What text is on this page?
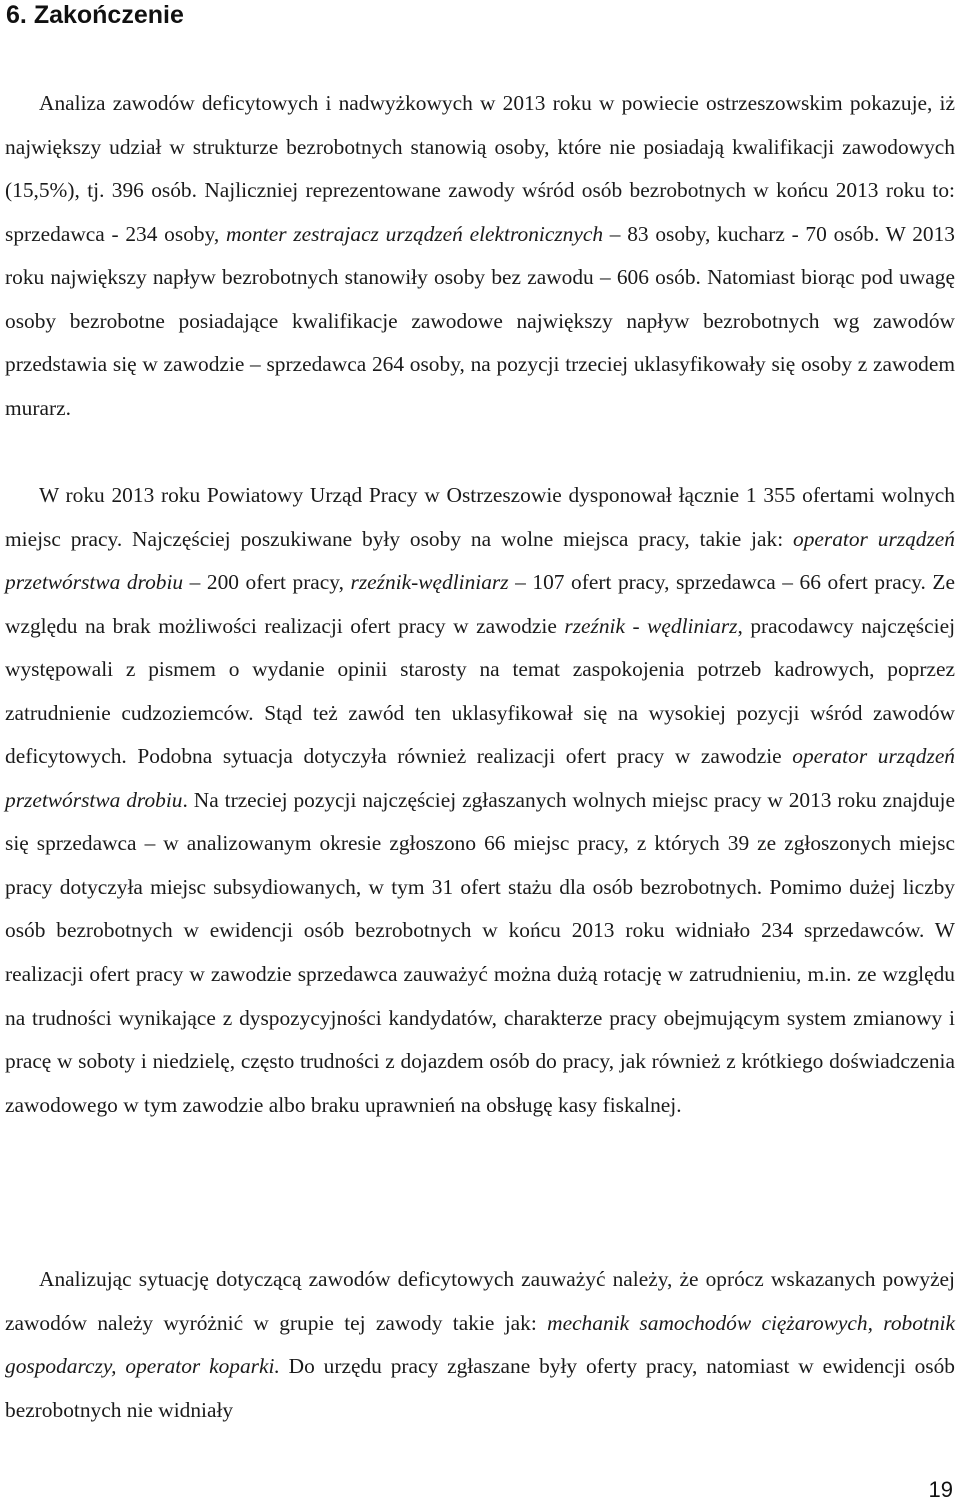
6. Zakończenie

Analiza zawodów deficytowych i nadwyżkowych w 2013 roku w powiecie ostrzeszowskim pokazuje, iż największy udział w strukturze bezrobotnych stanowią osoby, które nie posiadają kwalifikacji zawodowych (15,5%), tj. 396 osób. Najliczniej reprezentowane zawody wśród osób bezrobotnych w końcu 2013 roku to: sprzedawca - 234 osoby, monter zestrajacz urządzeń elektronicznych – 83 osoby, kucharz - 70 osób. W 2013 roku największy napływ bezrobotnych stanowiły osoby bez zawodu – 606 osób. Natomiast biorąc pod uwagę osoby bezrobotne posiadające kwalifikacje zawodowe największy napływ bezrobotnych wg zawodów przedstawia się w zawodzie – sprzedawca 264 osoby, na pozycji trzeciej uklasyfikowały się osoby z zawodem murarz.

W roku 2013 roku Powiatowy Urząd Pracy w Ostrzeszowie dysponował łącznie 1 355 ofertami wolnych miejsc pracy. Najczęściej poszukiwane były osoby na wolne miejsca pracy, takie jak: operator urządzeń przetwórstwa drobiu – 200 ofert pracy, rzeźnik-wędliniarz – 107 ofert pracy, sprzedawca – 66 ofert pracy. Ze względu na brak możliwości realizacji ofert pracy w zawodzie rzeźnik - wędliniarz, pracodawcy najczęściej występowali z pismem o wydanie opinii starosty na temat zaspokojenia potrzeb kadrowych, poprzez zatrudnienie cudzoziemców. Stąd też zawód ten uklasyfikował się na wysokiej pozycji wśród zawodów deficytowych. Podobna sytuacja dotyczyła również realizacji ofert pracy w zawodzie operator urządzeń przetwórstwa drobiu. Na trzeciej pozycji najczęściej zgłaszanych wolnych miejsc pracy w 2013 roku znajduje się sprzedawca – w analizowanym okresie zgłoszono 66 miejsc pracy, z których 39 ze zgłoszonych miejsc pracy dotyczyła miejsc subsydiowanych, w tym 31 ofert stażu dla osób bezrobotnych. Pomimo dużej liczby osób bezrobotnych w ewidencji osób bezrobotnych w końcu 2013 roku widniało 234 sprzedawców. W realizacji ofert pracy w zawodzie sprzedawca zauważyć można dużą rotację w zatrudnieniu, m.in. ze względu na trudności wynikające z dyspozycyjności kandydatów, charakterze pracy obejmującym system zmianowy i pracę w soboty i niedzielę, często trudności z dojazdem osób do pracy, jak również z krótkiego doświadczenia zawodowego w tym zawodzie albo braku uprawnień na obsługę kasy fiskalnej.

Analizując sytuację dotyczącą zawodów deficytowych zauważyć należy, że oprócz wskazanych powyżej zawodów należy wyróżnić w grupie tej zawody takie jak: mechanik samochodów ciężarowych, robotnik gospodarczy, operator koparki. Do urzędu pracy zgłaszane były oferty pracy, natomiast w ewidencji osób bezrobotnych nie widniały

19
